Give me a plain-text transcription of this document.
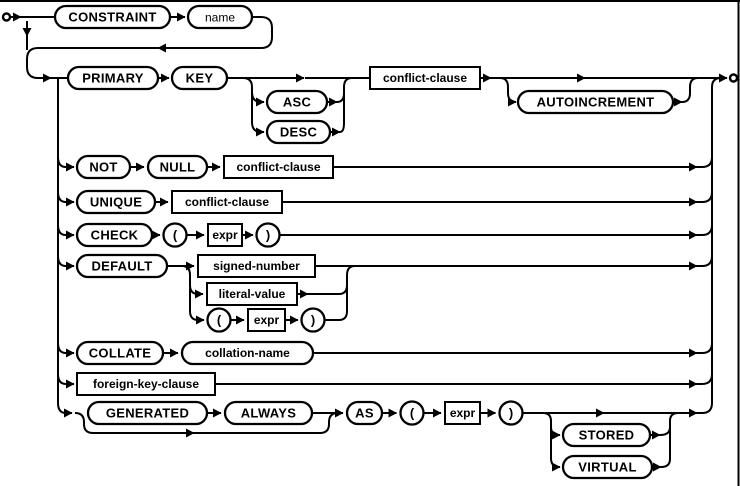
CONSTRAINT	name
PRIMARY	KEY
ASC
DESC
AUTOINCREMENT
NOT	NULL
UNIQUE
CHECK	(	)
DEFAULT
(	)
COLLATE	collation-name
GENERATED	ALWAYS	AS	(	)
STORED
VIRTUAL
conflict-clause
conflict-clause
conflict-clause
expr
signed-number
literal-value
expr
foreign-key-clause
expr
